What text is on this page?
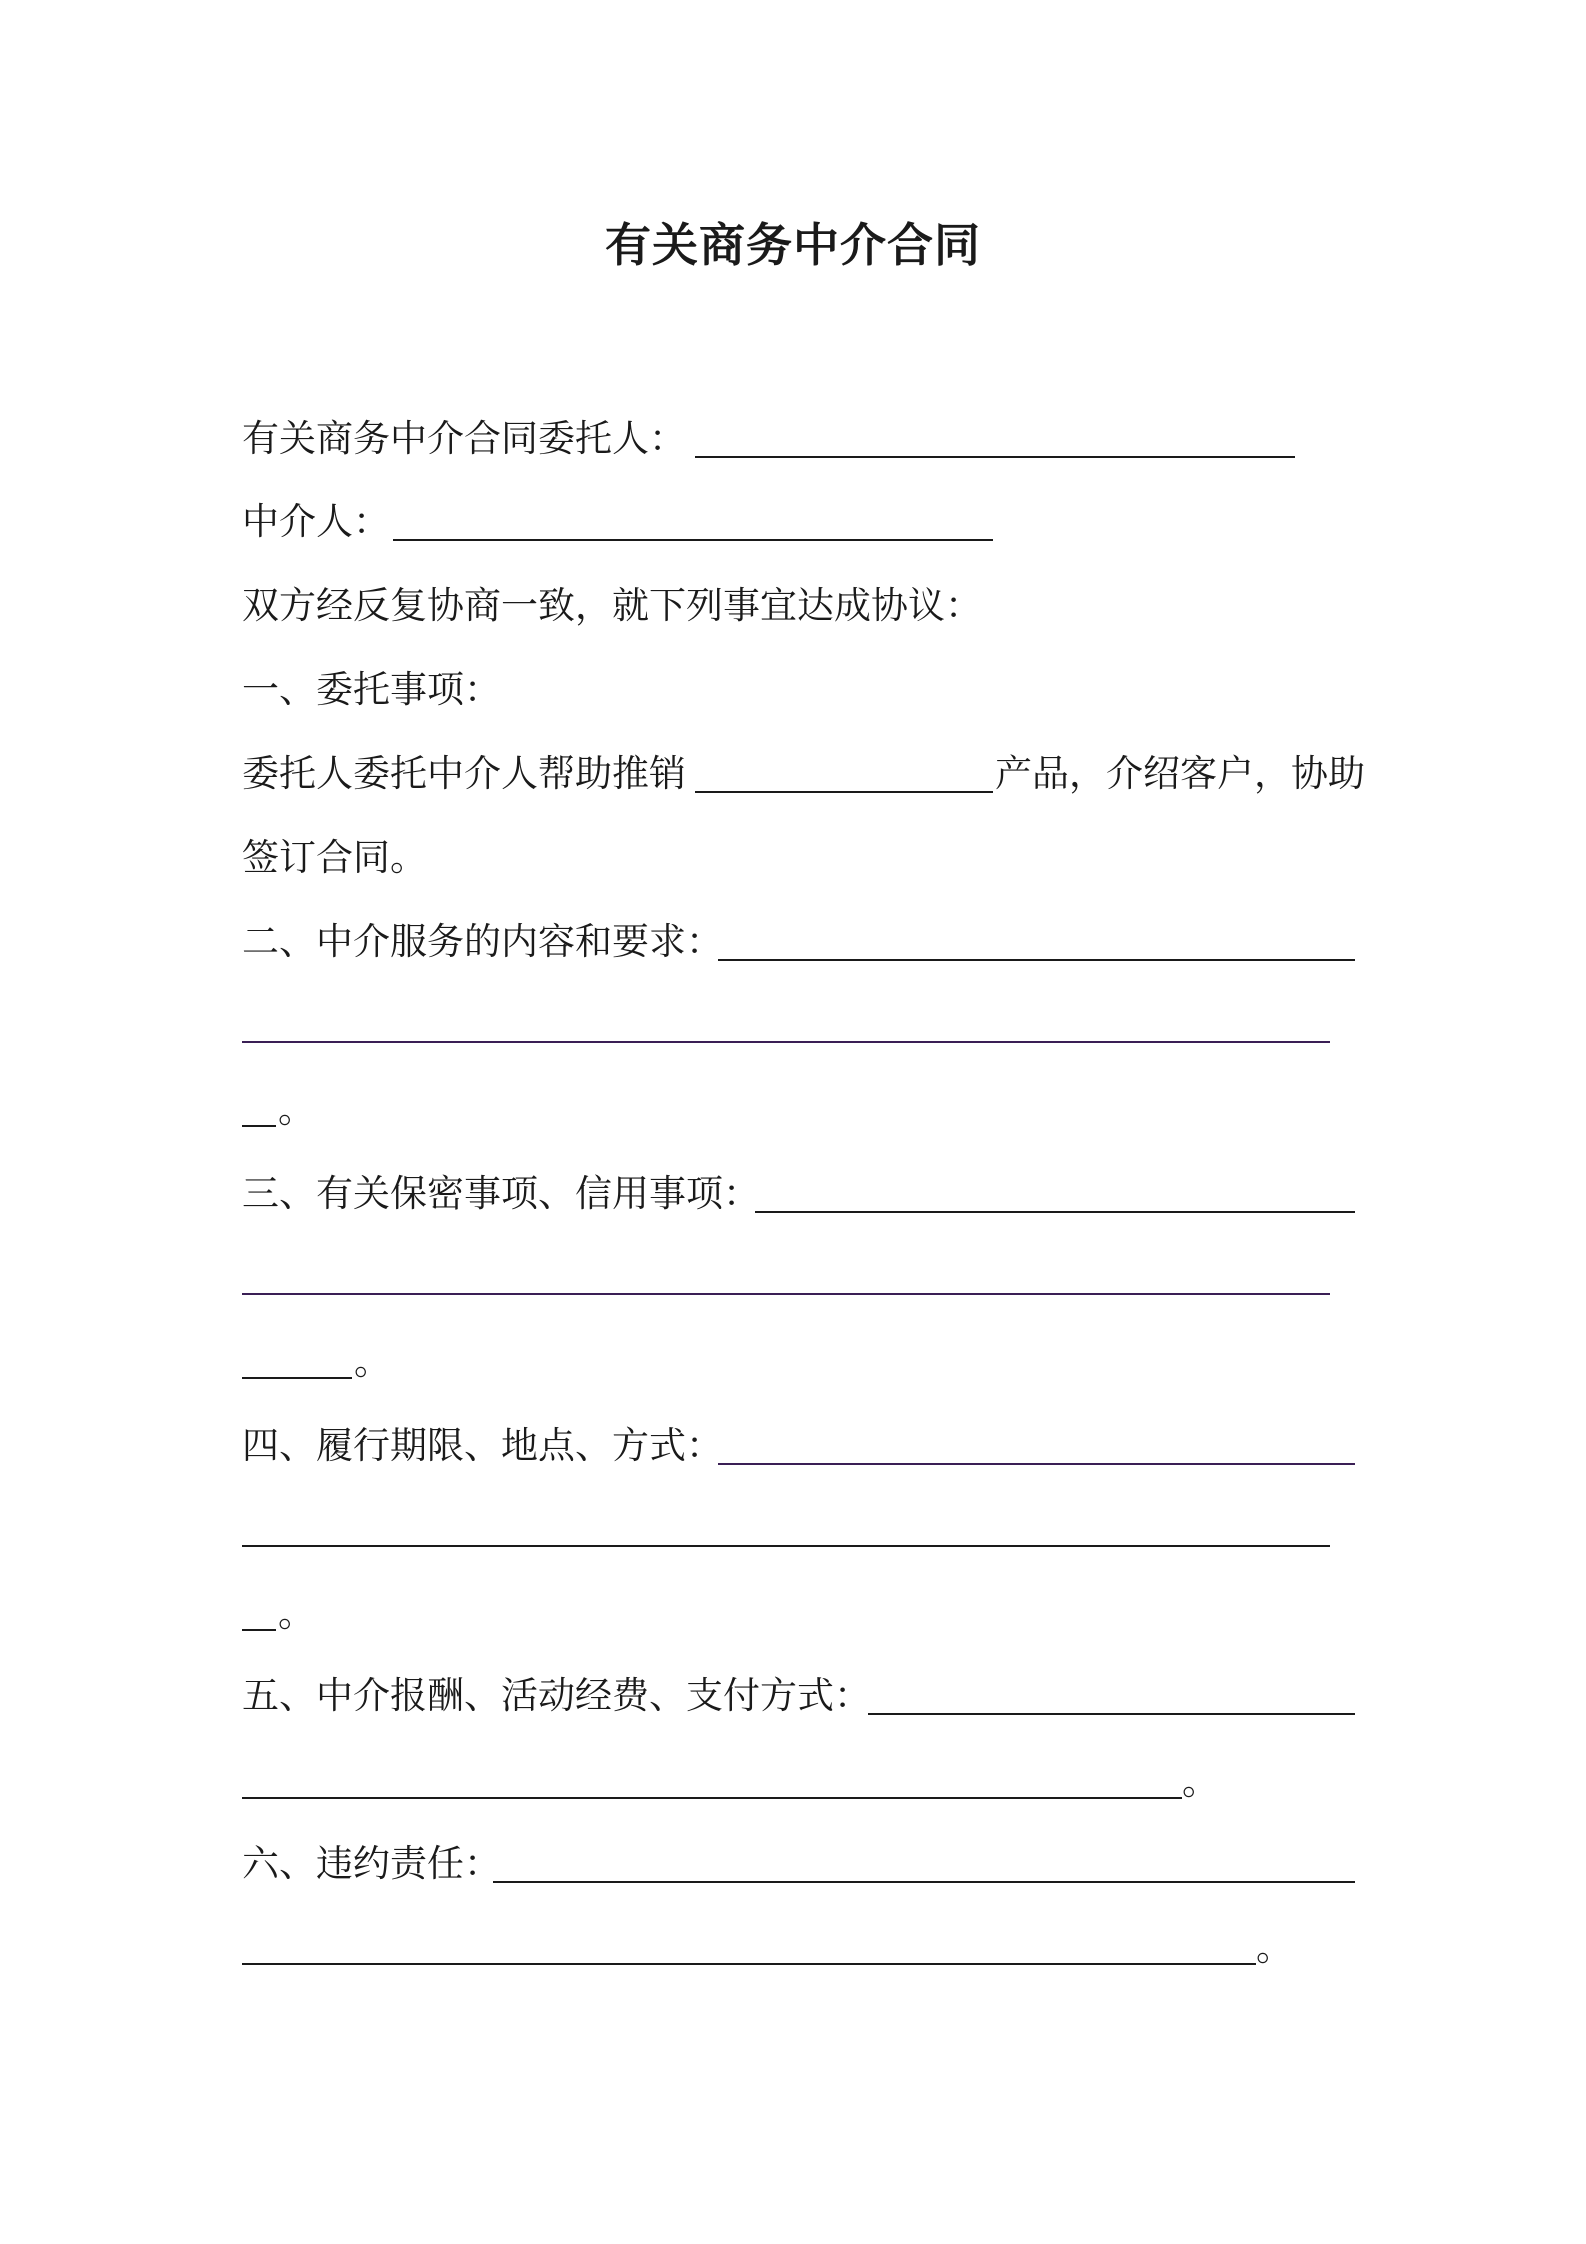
有关商务中介合同
有关商务中介合同委托人：
中介人：
双方经反复协商一致，就下列事宜达成协议：
一、委托事项：
委托人委托中介人帮助推销	产品，介绍客户，协助
签订合同。
二、中介服务的内容和要求：
。
三、有关保密事项、信用事项：
。
四、履行期限、地点、方式：
。
五、中介报酬、活动经费、支付方式：
。
六、违约责任：
。
